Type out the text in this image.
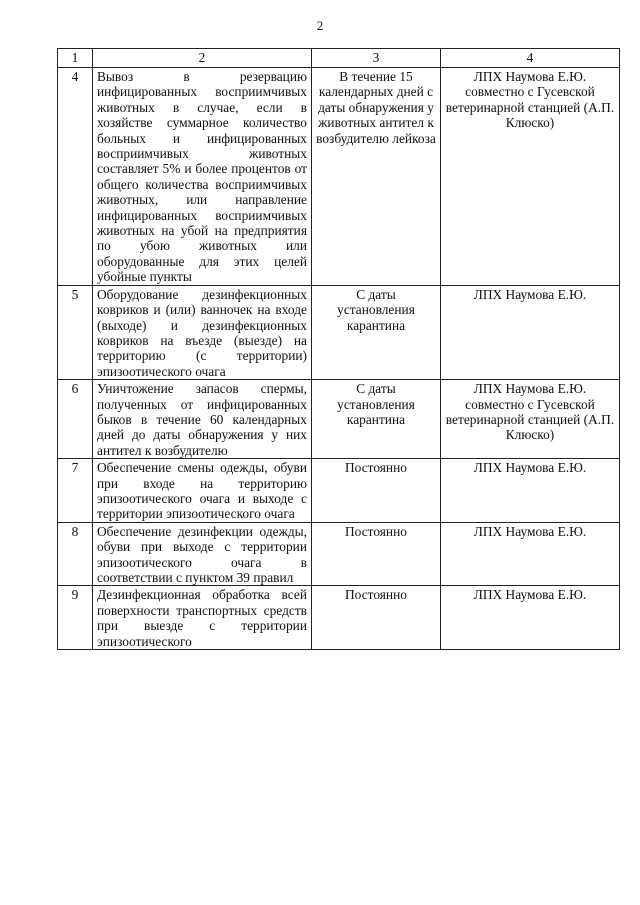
2
1	2	3	4
4	Вывоз в резервацию инфицированных восприимчивых животных в случае, если в хозяйстве суммарное количество больных и инфицированных восприимчивых животных составляет 5% и более процентов от общего количества восприимчивых животных, или направление инфицированных восприимчивых животных на убой на предприятия по убою животных или оборудованные для этих целей убойные пункты	В течение 15 календарных дней с даты обнаружения у животных антител к возбудителю лейкоза	ЛПХ Наумова Е.Ю. совместно с Гусевской ветеринарной станцией (А.П. Клюско)
5	Оборудование дезинфекционных ковриков и (или) ванночек на входе (выходе) и дезинфекционных ковриков на въезде (выезде) на территорию (с территории) эпизоотического очага	С даты установления карантина	ЛПХ Наумова Е.Ю.
6	Уничтожение запасов спермы, полученных от инфицированных быков в течение 60 календарных дней до даты обнаружения у них антител к возбудителю	С даты установления карантина	ЛПХ Наумова Е.Ю. совместно с Гусевской ветеринарной станцией (А.П. Клюско)
7	Обеспечение смены одежды, обуви при входе на территорию эпизоотического очага и выходе с территории эпизоотического очага	Постоянно	ЛПХ Наумова Е.Ю.
8	Обеспечение дезинфекции одежды, обуви при выходе с территории эпизоотического очага в соответствии с пунктом 39 правил	Постоянно	ЛПХ Наумова Е.Ю.
9	Дезинфекционная обработка всей поверхности транспортных средств при выезде с территории эпизоотического	Постоянно	ЛПХ Наумова Е.Ю.
